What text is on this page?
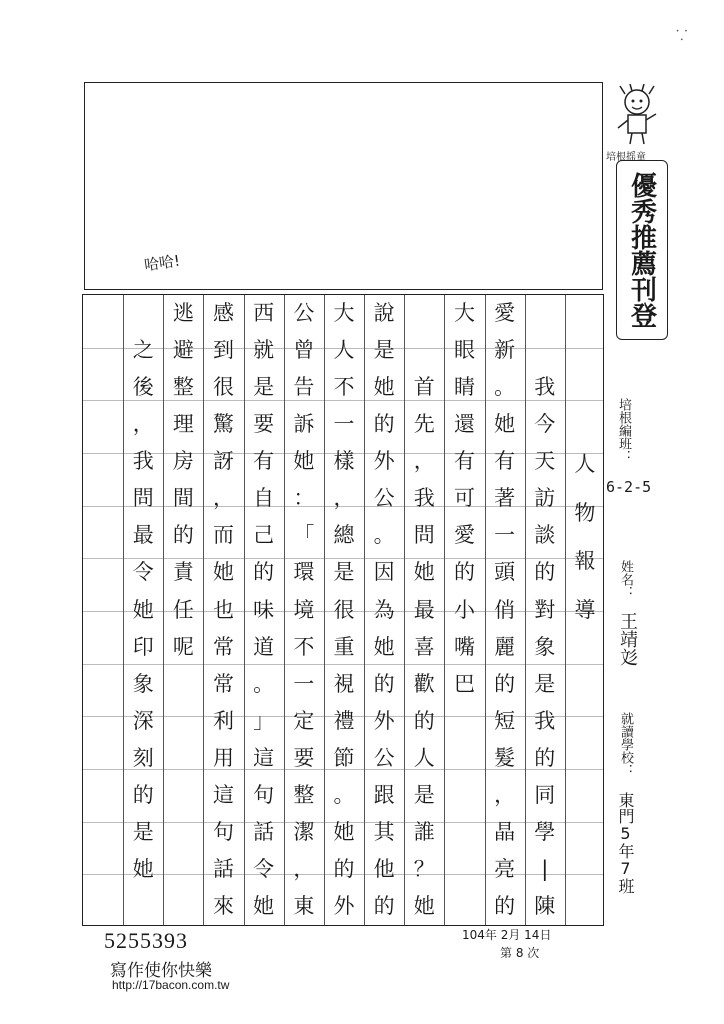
哈哈!
人
物
報
導
我
今
天
訪
談
的
對
象
是
我
的
同
學
|
陳
愛
新
。
她
有
著
一
頭
俏
麗
的
短
髮
，
晶
亮
的
大
眼
睛
還
有
可
愛
的
小
嘴
巴
首
先
，
我
問
她
最
喜
歡
的
人
是
誰
？
她
說
是
她
的
外
公
。
因
為
她
的
外
公
跟
其
他
的
大
人
不
一
樣
，
總
是
很
重
視
禮
節
。
她
的
外
公
曾
告
訴
她
：
「
環
境
不
一
定
要
整
潔
，
東
西
就
是
要
有
自
己
的
味
道
。
」
這
句
話
令
她
感
到
很
驚
訝
，
而
她
也
常
常
利
用
這
句
話
來
逃
避
整
理
房
間
的
責
任
呢
之
後
，
我
問
最
令
她
印
象
深
刻
的
是
她
培根摇童
優秀推薦刊登
培根編班：
6-2-5
姓名：
王靖彣
就讀學校：
東門5年7班
5255393
寫作使你快樂
http://17bacon.com.tw
104年 2月 14日
第 8 次
⸪
